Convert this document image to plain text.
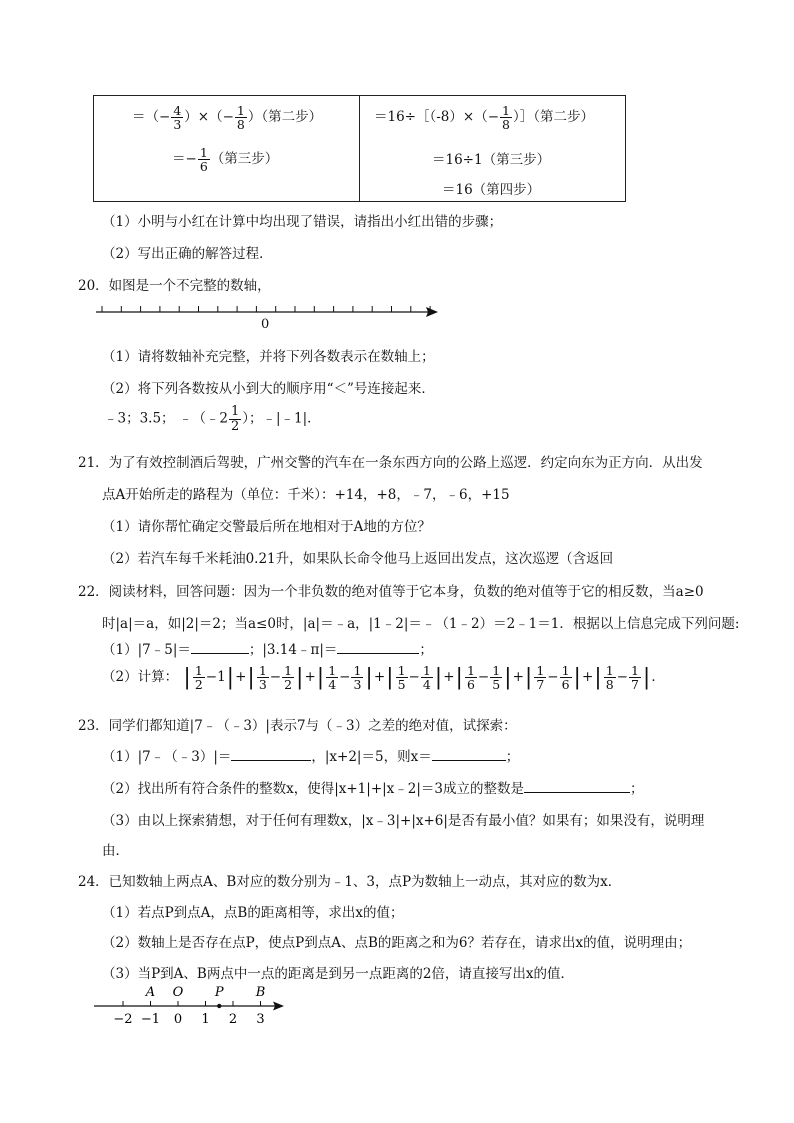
＝（− $\frac{4}{3}$ ）×（− $\frac{1}{8}$ ）（第二步）
＝− $\frac{1}{6}$ （第三步）
＝16÷［（-8）×（− $\frac{1}{8}$ ）］（第二步）
＝16÷1（第三步）
＝16（第四步）
（1）小明与小红在计算中均出现了错误，请指出小红出错的步骤；
（2）写出正确的解答过程．
20．如图是一个不完整的数轴，
0
（1）请将数轴补充完整，并将下列各数表示在数轴上；
（2）将下列各数按从小到大的顺序用“＜”号连接起来．
﹣3；3.5； ﹣（﹣2 $\frac{1}{2}$ ）；﹣|﹣1|．
21．为了有效控制酒后驾驶，广州交警的汽车在一条东西方向的公路上巡逻．约定向东为正方向．从出发
点A开始所走的路程为（单位：千米）：+14，+8，﹣7，﹣6，+15
（1）请你帮忙确定交警最后所在地相对于A地的方位？
（2）若汽车每千米耗油0.21升，如果队长命令他马上返回出发点，这次巡逻（含返回
22．阅读材料，回答问题：因为一个非负数的绝对值等于它本身，负数的绝对值等于它的相反数，当a≥0
时|a|＝a，如|2|＝2；当a≤0时，|a|＝﹣a，|1﹣2|＝﹣（1﹣2）＝2﹣1＝1．根据以上信息完成下列问题:
（1）|7﹣5|＝	；|3.14﹣π|＝	；
（2）计算： | $\frac{1}{2} -1|+| \frac{1}{3} - \frac{1}{2}$ |+| $\frac{1}{4} - \frac{1}{3}$ |+| $\frac{1}{5} - \frac{1}{4}$ |+| $\frac{1}{6} - \frac{1}{5}$ |+| $\frac{1}{7} - \frac{1}{6}$ |+| $\frac{1}{8} - \frac{1}{7}$ |．
23．同学们都知道|7﹣（﹣3）|表示7与（﹣3）之差的绝对值，试探索：
（1）|7﹣（﹣3）|＝	，|x+2|＝5，则x＝	；
（2）找出所有符合条件的整数x，使得|x+1|+|x﹣2|＝3成立的整数是	；
（3）由以上探索猜想，对于任何有理数x，|x﹣3|+|x+6|是否有最小值？如果有；如果没有，说明理
由．
24．已知数轴上两点A、B对应的数分别为﹣1、3，点P为数轴上一动点，其对应的数为x．
（1）若点P到点A，点B的距离相等，求出x的值；
（2）数轴上是否存在点P，使点P到点A、点B的距离之和为6？若存在，请求出x的值，说明理由；
（3）当P到A、B两点中一点的距离是到另一点距离的2倍，请直接写出x的值．
−2 −1 0 1 2 3
A O P B
